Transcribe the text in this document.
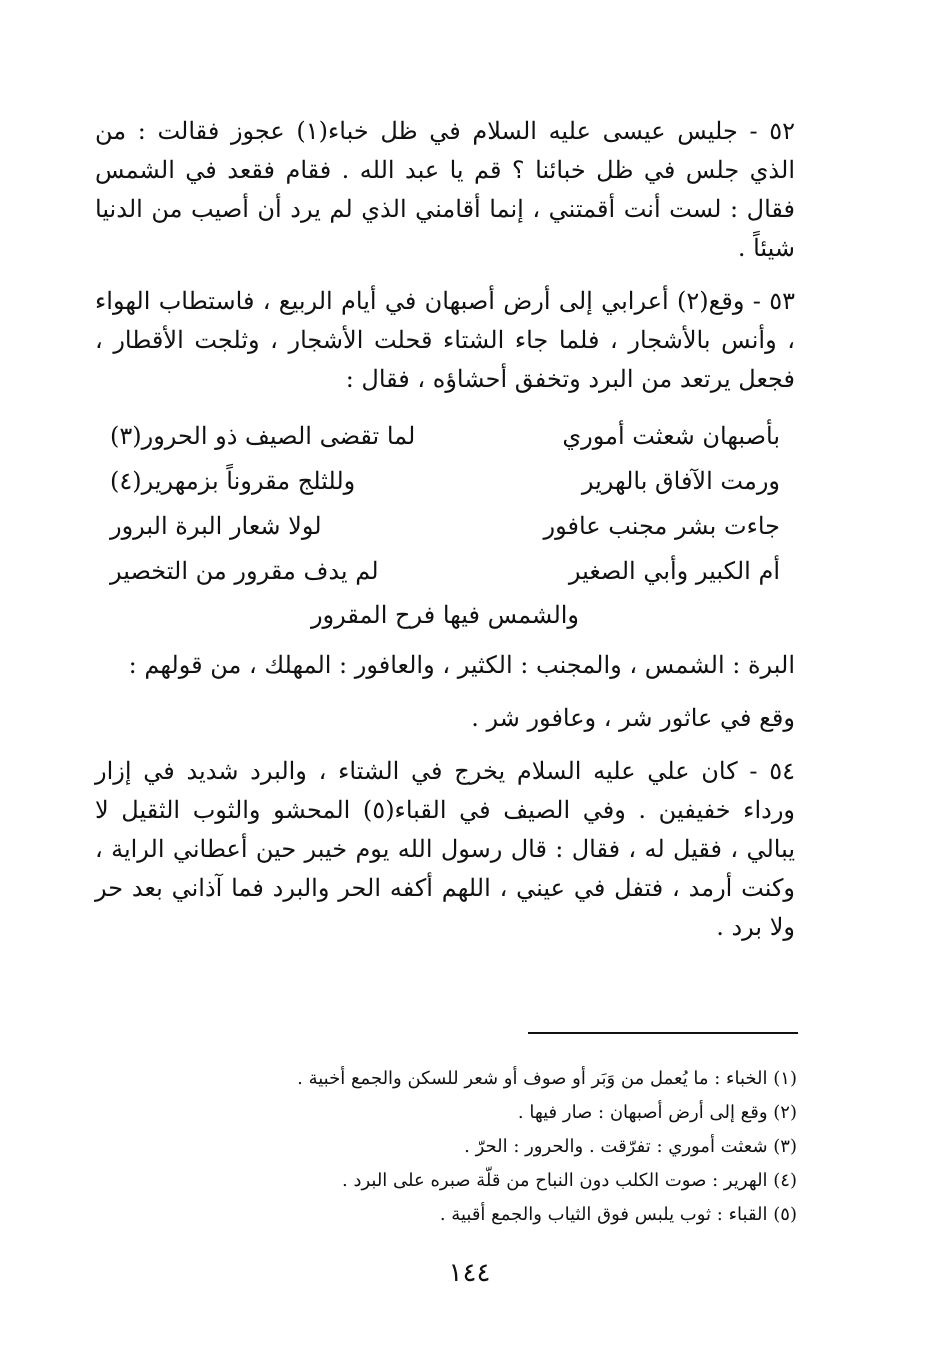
٥٢ - جليس عيسى عليه السلام في ظل خباء(١) عجوز فقالت : من الذي جلس في ظل خبائنا ؟ قم يا عبد الله . فقام فقعد في الشمس فقال : لست أنت أقمتني ، إنما أقامني الذي لم يرد أن أصيب من الدنيا شيئاً .

٥٣ - وقع(٢) أعرابي إلى أرض أصبهان في أيام الربيع ، فاستطاب الهواء ، وأنس بالأشجار ، فلما جاء الشتاء قحلت الأشجار ، وثلجت الأقطار ، فجعل يرتعد من البرد وتخفق أحشاؤه ، فقال :

بأصبهان شعثت أموري
لما تقضى الصيف ذو الحرور(٣)
ورمت الآفاق بالهرير
وللثلج مقروناً بزمهرير(٤)
جاءت بشر مجنب عافور
لولا شعار البرة البرور
أم الكبير وأبي الصغير
لم يدف مقرور من التخصير
والشمس فيها فرح المقرور

البرة : الشمس ، والمجنب : الكثير ، والعافور : المهلك ، من قولهم :

وقع في عاثور شر ، وعافور شر .

٥٤ - كان علي عليه السلام يخرج في الشتاء ، والبرد شديد في إزار ورداء خفيفين . وفي الصيف في القباء(٥) المحشو والثوب الثقيل لا يبالي ، فقيل له ، فقال : قال رسول الله يوم خيبر حين أعطاني الراية ، وكنت أرمد ، فتفل في عيني ، اللهم أكفه الحر والبرد فما آذاني بعد حر ولا برد .

(١) الخباء : ما يُعمل من وَبَر أو صوف أو شعر للسكن والجمع أخبية .
(٢) وقع إلى أرض أصبهان : صار فيها .
(٣) شعثت أموري : تفرّقت . والحرور : الحرّ .
(٤) الهرير : صوت الكلب دون النباح من قلّة صبره على البرد .
(٥) القباء : ثوب يلبس فوق الثياب والجمع أقبية .
١٤٤
